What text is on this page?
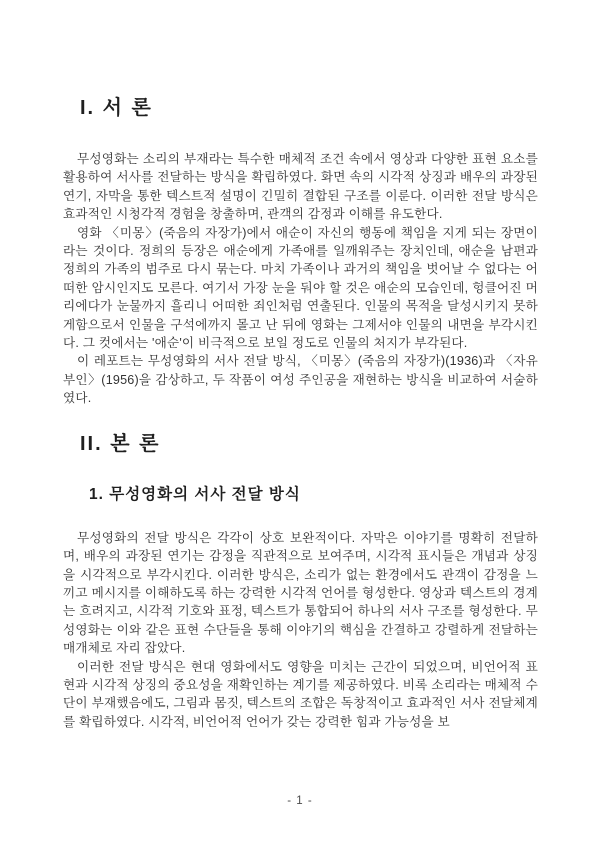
I. 서 론

무성영화는 소리의 부재라는 특수한 매체적 조건 속에서 영상과 다양한 표현 요소를 활용하여 서사를 전달하는 방식을 확립하였다. 화면 속의 시각적 상징과 배우의 과장된 연기, 자막을 통한 텍스트적 설명이 긴밀히 결합된 구조를 이룬다. 이러한 전달 방식은 효과적인 시청각적 경험을 창출하며, 관객의 감정과 이해를 유도한다.

영화 〈미몽〉(죽음의 자장가)에서 애순이 자신의 행동에 책임을 지게 되는 장면이라는 것이다. 정희의 등장은 애순에게 가족애를 일깨워주는 장치인데, 애순을 남편과 정희의 가족의 범주로 다시 묶는다. 마치 가족이나 과거의 책임을 벗어날 수 없다는 어떠한 암시인지도 모른다. 여기서 가장 눈을 둬야 할 것은 애순의 모습인데, 헝클어진 머리에다가 눈물까지 흘리니 어떠한 죄인처럼 연출된다. 인물의 목적을 달성시키지 못하게함으로서 인물을 구석에까지 몰고 난 뒤에 영화는 그제서야 인물의 내면을 부각시킨다. 그 컷에서는 '애순'이 비극적으로 보일 정도로 인물의 처지가 부각된다.

이 레포트는 무성영화의 서사 전달 방식, 〈미몽〉(죽음의 자장가)(1936)과 〈자유부인〉(1956)을 감상하고, 두 작품이 여성 주인공을 재현하는 방식을 비교하여 서술하였다.

II. 본 론
1. 무성영화의 서사 전달 방식

무성영화의 전달 방식은 각각이 상호 보완적이다. 자막은 이야기를 명확히 전달하며, 배우의 과장된 연기는 감정을 직관적으로 보여주며, 시각적 표시들은 개념과 상징을 시각적으로 부각시킨다. 이러한 방식은, 소리가 없는 환경에서도 관객이 감정을 느끼고 메시지를 이해하도록 하는 강력한 시각적 언어를 형성한다. 영상과 텍스트의 경계는 흐려지고, 시각적 기호와 표정, 텍스트가 통합되어 하나의 서사 구조를 형성한다. 무성영화는 이와 같은 표현 수단들을 통해 이야기의 핵심을 간결하고 강렬하게 전달하는 매개체로 자리 잡았다.

이러한 전달 방식은 현대 영화에서도 영향을 미치는 근간이 되었으며, 비언어적 표현과 시각적 상징의 중요성을 재확인하는 계기를 제공하였다. 비록 소리라는 매체적 수단이 부재했음에도, 그림과 몸짓, 텍스트의 조합은 독창적이고 효과적인 서사 전달체계를 확립하였다. 시각적, 비언어적 언어가 갖는 강력한 힘과 가능성을 보

- 1 -
